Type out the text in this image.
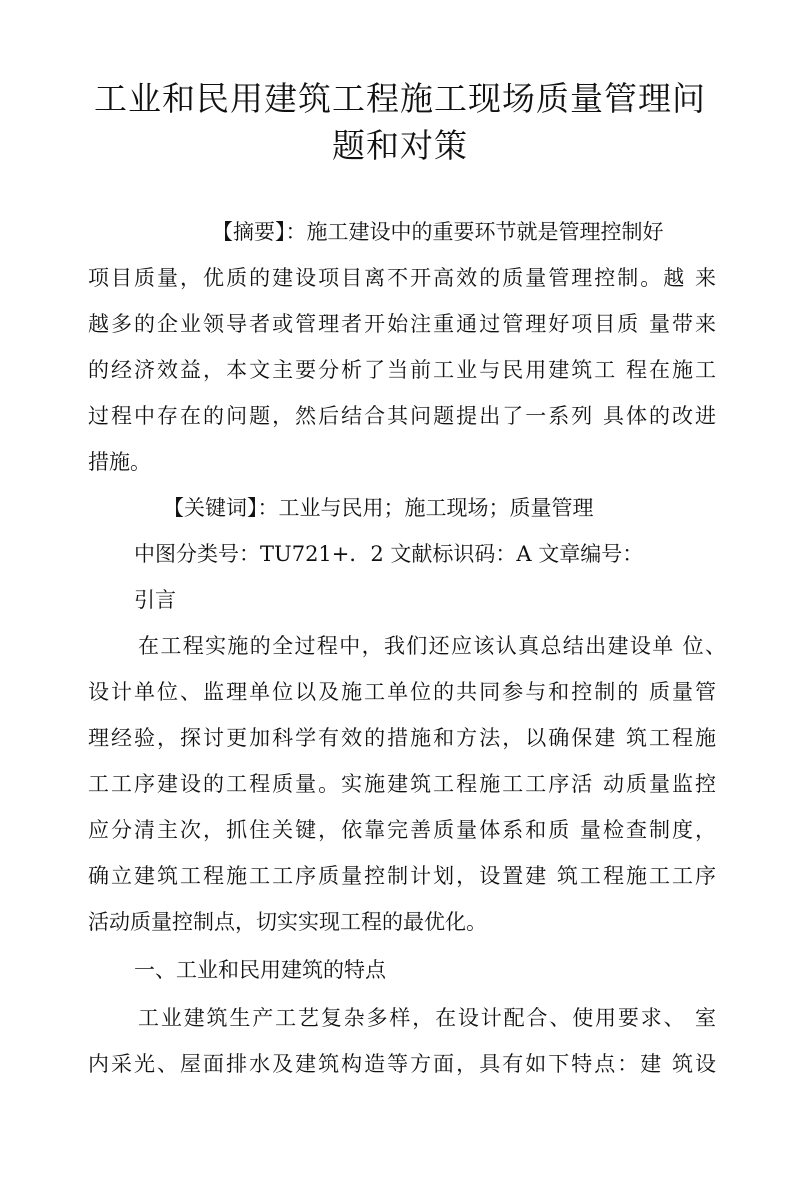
工业和民用建筑工程施工现场质量管理问
题和对策

【摘要】：施工建设中的重要环节就是管理控制好

项目质量，优质的建设项目离不开高效的质量管理控制。越 来

越多的企业领导者或管理者开始注重通过管理好项目质 量带来

的经济效益，本文主要分析了当前工业与民用建筑工 程在施工

过程中存在的问题，然后结合其问题提出了一系列 具体的改进

措施。

【关键词】：工业与民用；施工现场；质量管理

中图分类号：TU721+．2 文献标识码：A 文章编号：

引言

在工程实施的全过程中，我们还应该认真总结出建设单 位、

设计单位、监理单位以及施工单位的共同参与和控制的 质量管

理经验，探讨更加科学有效的措施和方法，以确保建 筑工程施

工工序建设的工程质量。实施建筑工程施工工序活 动质量监控

应分清主次，抓住关键，依靠完善质量体系和质 量检查制度，

确立建筑工程施工工序质量控制计划，设置建 筑工程施工工序

活动质量控制点，切实实现工程的最优化。

一、工业和民用建筑的特点

工业建筑生产工艺复杂多样，在设计配合、使用要求、 室

内采光、屋面排水及建筑构造等方面，具有如下特点：建 筑设
